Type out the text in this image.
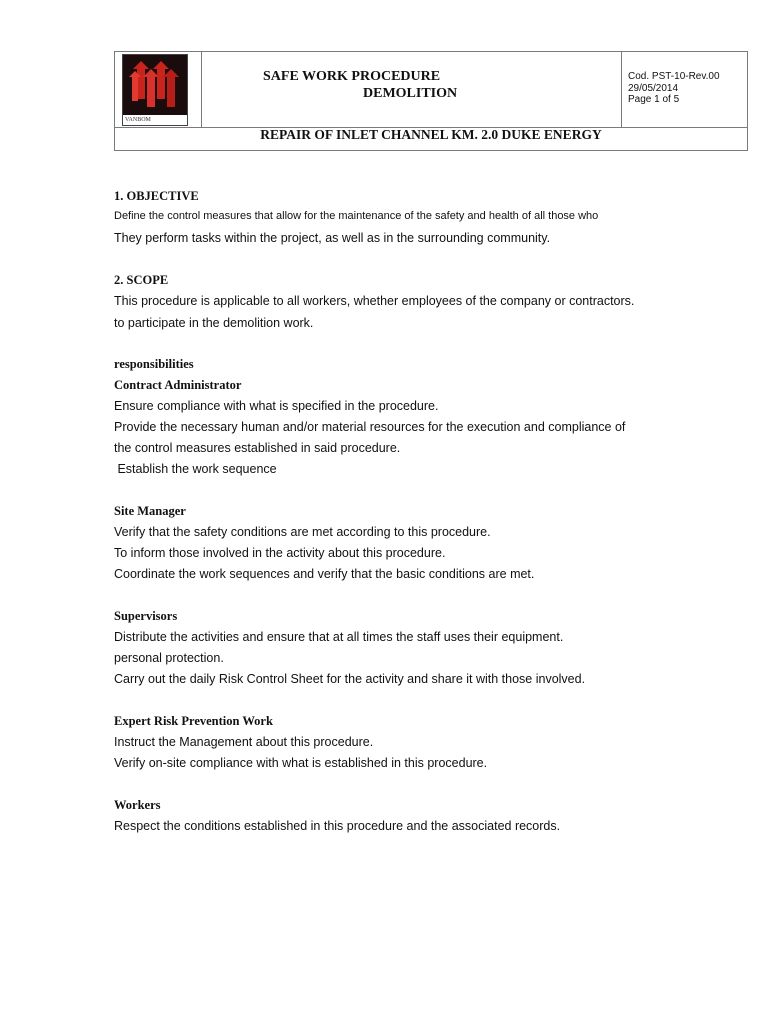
VANBOM
SAFE WORK PROCEDURE
DEMOLITION
Cod. PST-10-Rev.00
29/05/2014
Page 1 of 5
REPAIR OF INLET CHANNEL KM. 2.0 DUKE ENERGY
1. OBJECTIVE
Define the control measures that allow for the maintenance of the safety and health of all those who
They perform tasks within the project, as well as in the surrounding community.
2. SCOPE
This procedure is applicable to all workers, whether employees of the company or contractors.
to participate in the demolition work.
responsibilities
Contract Administrator
Ensure compliance with what is specified in the procedure.
Provide the necessary human and/or material resources for the execution and compliance of
the control measures established in said procedure.
Establish the work sequence
Site Manager
Verify that the safety conditions are met according to this procedure.
To inform those involved in the activity about this procedure.
Coordinate the work sequences and verify that the basic conditions are met.
Supervisors
Distribute the activities and ensure that at all times the staff uses their equipment.
personal protection.
Carry out the daily Risk Control Sheet for the activity and share it with those involved.
Expert Risk Prevention Work
Instruct the Management about this procedure.
Verify on-site compliance with what is established in this procedure.
Workers
Respect the conditions established in this procedure and the associated records.
